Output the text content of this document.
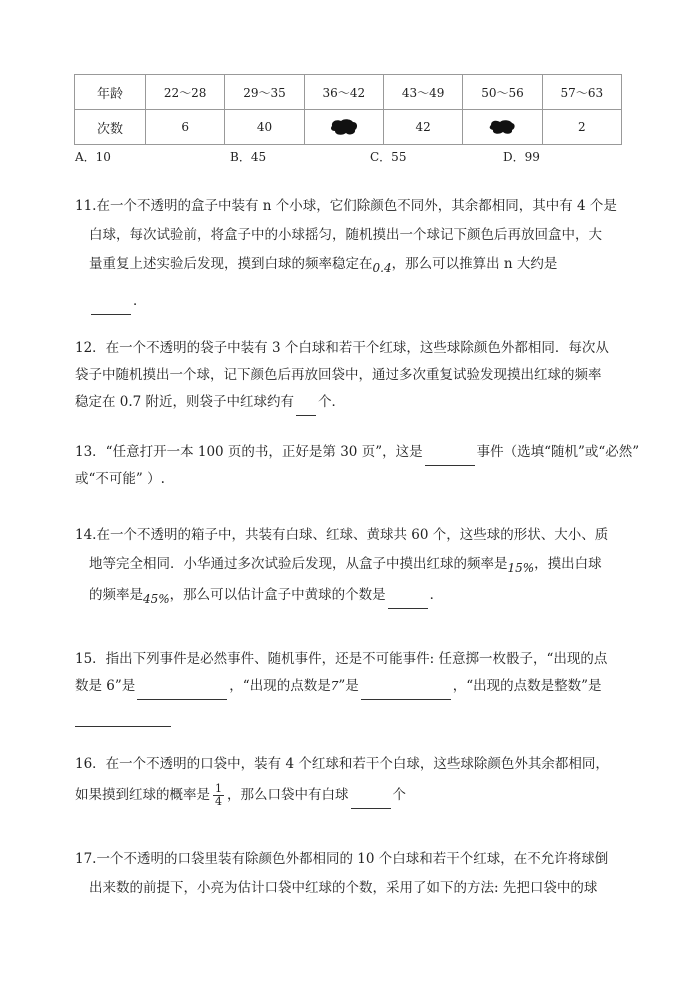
年龄	22～28	29～35	36～42	43～49	50～56	57～63
次数	6	40		42		2
A．10	B．45	C．55	D．99
11.在一个不透明的盒子中装有 n 个小球，它们除颜色不同外，其余都相同，其中有 4 个是
白球，每次试验前，将盒子中的小球摇匀，随机摸出一个球记下颜色后再放回盒中，大
量重复上述实验后发现，摸到白球的频率稳定在0.4，那么可以推算出 n 大约是
．
12．在一个不透明的袋子中装有 3 个白球和若干个红球，这些球除颜色外都相同．每次从
袋子中随机摸出一个球，记下颜色后再放回袋中，通过多次重复试验发现摸出红球的频率
稳定在 0.7 附近，则袋子中红球约有 个．
13．“任意打开一本 100 页的书，正好是第 30 页”，这是	事件（选填“随机”或“必然”
或“不可能” ）.
14.在一个不透明的箱子中，共装有白球、红球、黄球共 60 个，这些球的形状、大小、质
地等完全相同．小华通过多次试验后发现，从盒子中摸出红球的频率是15%，摸出白球
的频率是45%，那么可以估计盒子中黄球的个数是	．
15．指出下列事件是必然事件、随机事件，还是不可能事件: 任意掷一枚骰子，“出现的点
数是 6”是	，“出现的点数是7”是	，“出现的点数是整数”是
16．在一个不透明的口袋中，装有 4 个红球和若干个白球，这些球除颜色外其余都相同，
如果摸到红球的概率是 $\frac{1}{4}$ ，那么口袋中有白球	个
17.一个不透明的口袋里装有除颜色外都相同的 10 个白球和若干个红球，在不允许将球倒
出来数的前提下，小亮为估计口袋中红球的个数，采用了如下的方法: 先把口袋中的球
